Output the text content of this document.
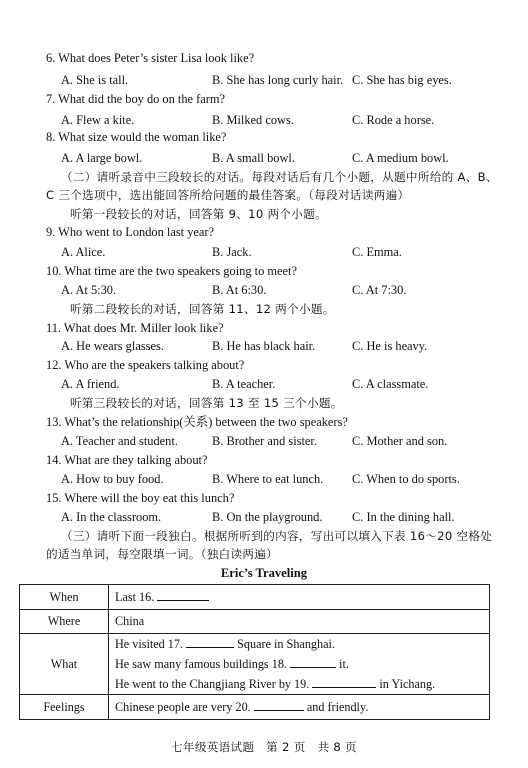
6. What does Peter’s sister Lisa look like?
A. She is tall.	B. She has long curly hair. C. She has big eyes.
7. What did the boy do on the farm?
A. Flew a kite.	B. Milked cows.	C. Rode a horse.
8. What size would the woman like?
A. A large bowl.	B. A small bowl.	C. A medium bowl.
（二）请听录音中三段较长的对话。每段对话后有几个小题，从题中所给的 A、B、
C 三个选项中，选出能回答所给问题的最佳答案。（每段对话读两遍）
听第一段较长的对话，回答第 9、10 两个小题。
9. Who went to London last year?
A. Alice.	B. Jack.	C. Emma.
10. What time are the two speakers going to meet?
A. At 5:30.	B. At 6:30.	C. At 7:30.
听第二段较长的对话，回答第 11、12 两个小题。
11. What does Mr. Miller look like?
A. He wears glasses.	B. He has black hair.	C. He is heavy.
12. Who are the speakers talking about?
A. A friend.	B. A teacher.	C. A classmate.
听第三段较长的对话，回答第 13 至 15 三个小题。
13. What’s the relationship(关系) between the two speakers?
A. Teacher and student.	B. Brother and sister.	C. Mother and son.
14. What are they talking about?
A. How to buy food.	B. Where to eat lunch. C. When to do sports.
15. Where will the boy eat this lunch?
A. In the classroom.	B. On the playground. C. In the dining hall.
（三）请听下面一段独白。根据所听到的内容，写出可以填入下表 16～20 空格处
的适当单词，每空限填一词。（独白读两遍）
Eric’s Traveling
When	Last 16.
Where	China
What	He visited 17. Square in Shanghai.
He saw many famous buildings 18. it.
He went to the Changjiang River by 19. in Yichang.

Feelings	Chinese people are very 20. and friendly.
七年级英语试题　第 2 页　共 8 页
